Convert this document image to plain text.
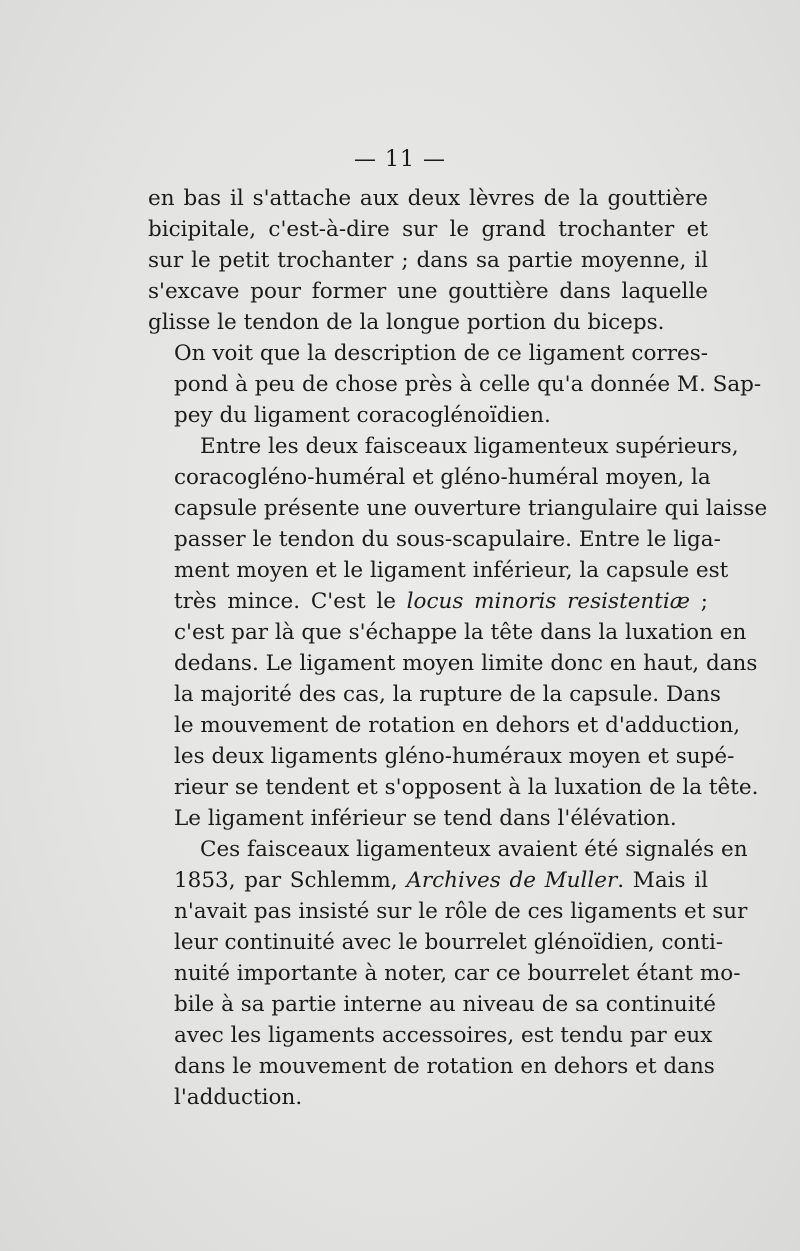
— 11 —

en bas il s'attache aux deux lèvres de la gouttière
bicipitale, c'est-à-dire sur le grand trochanter et
sur le petit trochanter ; dans sa partie moyenne, il
s'excave pour former une gouttière dans laquelle
glisse le tendon de la longue portion du biceps.

On voit que la description de ce ligament corres-
pond à peu de chose près à celle qu'a donnée M. Sap-
pey du ligament coracoglénoïdien.

Entre les deux faisceaux ligamenteux supérieurs,
coracogléno-huméral et gléno-huméral moyen, la
capsule présente une ouverture triangulaire qui laisse
passer le tendon du sous-scapulaire. Entre le liga-
ment moyen et le ligament inférieur, la capsule est
très mince. C'est le locus minoris resistentiæ ;
c'est par là que s'échappe la tête dans la luxation en
dedans. Le ligament moyen limite donc en haut, dans
la majorité des cas, la rupture de la capsule. Dans
le mouvement de rotation en dehors et d'adduction,
les deux ligaments gléno-huméraux moyen et supé-
rieur se tendent et s'opposent à la luxation de la tête.
Le ligament inférieur se tend dans l'élévation.

Ces faisceaux ligamenteux avaient été signalés en
1853, par Schlemm, Archives de Muller. Mais il
n'avait pas insisté sur le rôle de ces ligaments et sur
leur continuité avec le bourrelet glénoïdien, conti-
nuité importante à noter, car ce bourrelet étant mo-
bile à sa partie interne au niveau de sa continuité
avec les ligaments accessoires, est tendu par eux
dans le mouvement de rotation en dehors et dans
l'adduction.
